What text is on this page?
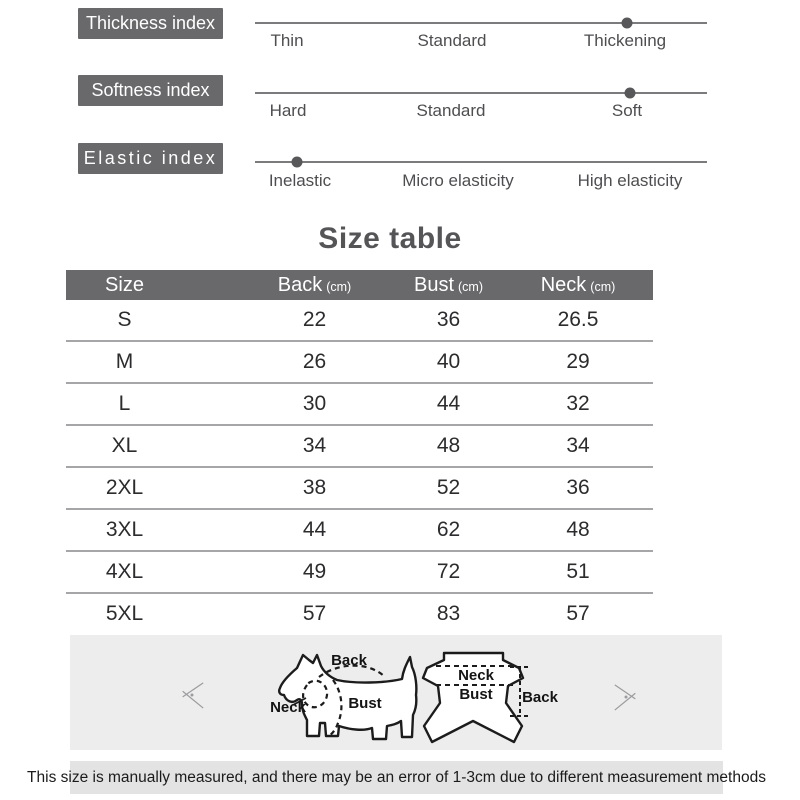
Thickness index
Thin	Standard	Thickening
Softness index
Hard	Standard	Soft
Elastic index
Inelastic	Micro elasticity	High elasticity
Size table
Size	Back (cm)	Bust (cm)	Neck (cm)
S	22	36	26.5
M	26	40	29
L	30	44	32
XL	34	48	34
2XL	38	52	36
3XL	44	62	48
4XL	49	72	51
5XL	57	83	57
Back
Neck	Bust
Neck
Bust Back
This size is manually measured, and there may be an error of 1-3cm due to different measurement methods
